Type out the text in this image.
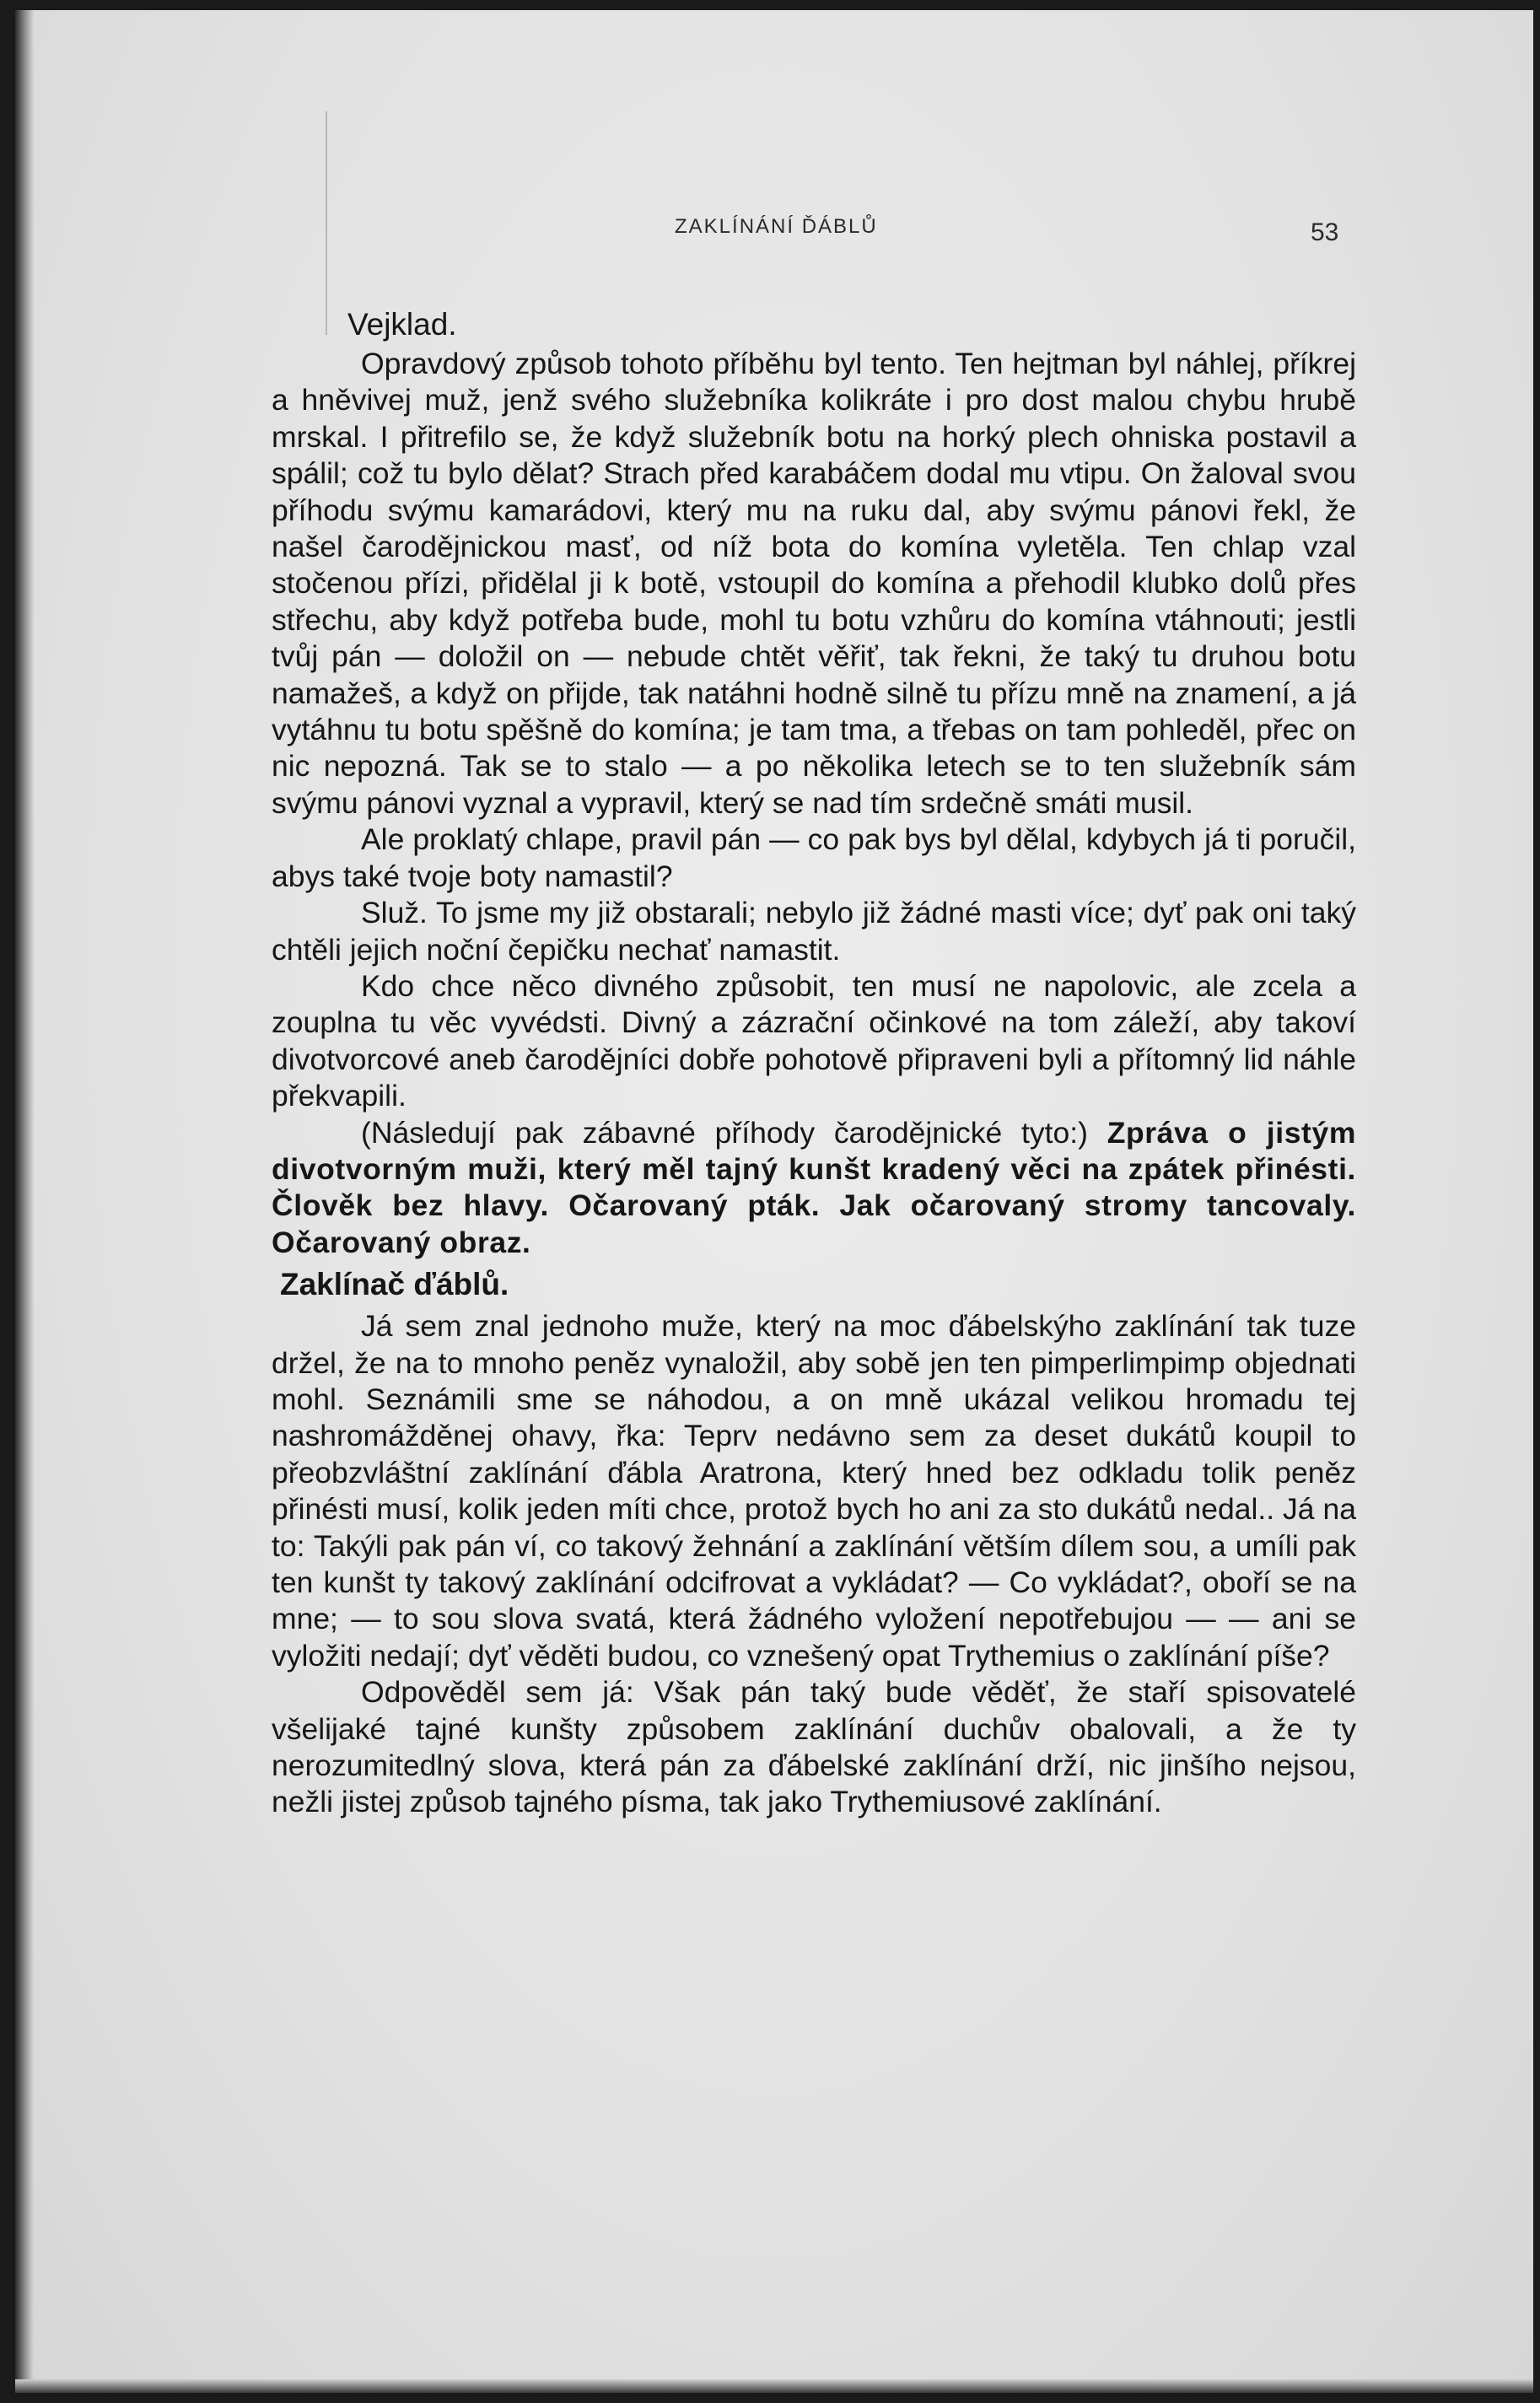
ZAKLÍNÁNÍ ĎÁBLŮ	53

Vejklad.

Opravdový způsob tohoto příběhu byl tento. Ten hejtman byl náhlej, příkrej a hněvivej muž, jenž svého služebníka kolikráte i pro dost malou chybu hrubě mrskal. I přitrefilo se, že když služebník botu na horký plech ohniska postavil a spálil; což tu bylo dělat? Strach před karabáčem dodal mu vtipu. On žaloval svou příhodu svýmu kamarádovi, který mu na ruku dal, aby svýmu pánovi řekl, že našel čarodějnickou masť, od níž bota do komína vyletěla. Ten chlap vzal stočenou přízi, přidělal ji k botě, vstoupil do komína a přehodil klubko dolů přes střechu, aby když potřeba bude, mohl tu botu vzhůru do komína vtáhnouti; jestli tvůj pán — doložil on — nebude chtět věřiť, tak řekni, že taký tu druhou botu namažeš, a když on přijde, tak natáhni hodně silně tu přízu mně na znamení, a já vytáhnu tu botu spěšně do komína; je tam tma, a třebas on tam pohleděl, přec on nic nepozná. Tak se to stalo — a po několika letech se to ten služebník sám svýmu pánovi vyznal a vypravil, který se nad tím srdečně smáti musil.

Ale proklatý chlape, pravil pán — co pak bys byl dělal, kdybych já ti poručil, abys také tvoje boty namastil?

Služ. To jsme my již obstarali; nebylo již žádné masti více; dyť pak oni taký chtěli jejich noční čepičku nechať namastit.

Kdo chce něco divného způsobit, ten musí ne napolovic, ale zcela a zouplna tu věc vyvédsti. Divný a zázrační očinkové na tom záleží, aby takoví divotvorcové aneb čarodějníci dobře pohotově připraveni byli a přítomný lid náhle překvapili.

(Následují pak zábavné příhody čarodějnické tyto:) Zpráva o jistým divotvorným muži, který měl tajný kunšt kradený věci na zpátek přinésti. Člověk bez hlavy. Očarovaný pták. Jak očarovaný stromy tancovaly. Očarovaný obraz.

Zaklínač ďáblů.

Já sem znal jednoho muže, který na moc ďábelskýho zaklínání tak tuze držel, že na to mnoho penĕz vynaložil, aby sobě jen ten pimperlimpimp objednati mohl. Seznámili sme se náhodou, a on mně ukázal velikou hromadu tej nashromážděnej ohavy, řka: Teprv nedávno sem za deset dukátů koupil to přeobzvláštní zaklínání ďábla Aratrona, který hned bez odkladu tolik peněz přinésti musí, kolik jeden míti chce, protož bych ho ani za sto dukátů nedal.. Já na to: Takýli pak pán ví, co takový žehnání a zaklínání větším dílem sou, a umíli pak ten kunšt ty takový zaklínání odcifrovat a vykládat? — Co vykládat?, oboří se na mne; — to sou slova svatá, která žádného vyložení nepotřebujou — — ani se vyložiti nedají; dyť věděti budou, co vznešený opat Trythemius o zaklínání píše?

Odpověděl sem já: Však pán taký bude věděť, že staří spisovatelé všelijaké tajné kunšty způsobem zaklínání duchův obalovali, a že ty nerozumitedlný slova, která pán za ďábelské zaklínání drží, nic jinšího nejsou, nežli jistej způsob tajného písma, tak jako Trythemiusové zaklínání.
